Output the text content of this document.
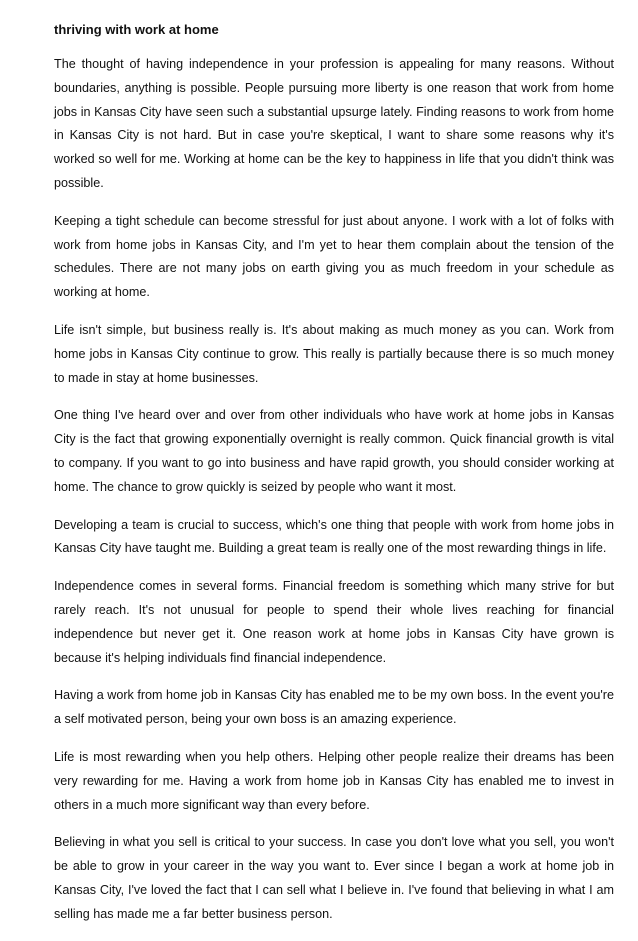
thriving with work at home

The thought of having independence in your profession is appealing for many reasons. Without boundaries, anything is possible. People pursuing more liberty is one reason that work from home jobs in Kansas City have seen such a substantial upsurge lately. Finding reasons to work from home in Kansas City is not hard. But in case you're skeptical, I want to share some reasons why it's worked so well for me. Working at home can be the key to happiness in life that you didn't think was possible.

Keeping a tight schedule can become stressful for just about anyone. I work with a lot of folks with work from home jobs in Kansas City, and I'm yet to hear them complain about the tension of the schedules. There are not many jobs on earth giving you as much freedom in your schedule as working at home.

Life isn't simple, but business really is. It's about making as much money as you can. Work from home jobs in Kansas City continue to grow. This really is partially because there is so much money to made in stay at home businesses.

One thing I've heard over and over from other individuals who have work at home jobs in Kansas City is the fact that growing exponentially overnight is really common. Quick financial growth is vital to company. If you want to go into business and have rapid growth, you should consider working at home. The chance to grow quickly is seized by people who want it most.

Developing a team is crucial to success, which's one thing that people with work from home jobs in Kansas City have taught me. Building a great team is really one of the most rewarding things in life.

Independence comes in several forms. Financial freedom is something which many strive for but rarely reach. It's not unusual for people to spend their whole lives reaching for financial independence but never get it. One reason work at home jobs in Kansas City have grown is because it's helping individuals find financial independence.

Having a work from home job in Kansas City has enabled me to be my own boss. In the event you're a self motivated person, being your own boss is an amazing experience.

Life is most rewarding when you help others. Helping other people realize their dreams has been very rewarding for me. Having a work from home job in Kansas City has enabled me to invest in others in a much more significant way than every before.

Believing in what you sell is critical to your success. In case you don't love what you sell, you won't be able to grow in your career in the way you want to. Ever since I began a work at home job in Kansas City, I've loved the fact that I can sell what I believe in. I've found that believing in what I am selling has made me a far better business person.
